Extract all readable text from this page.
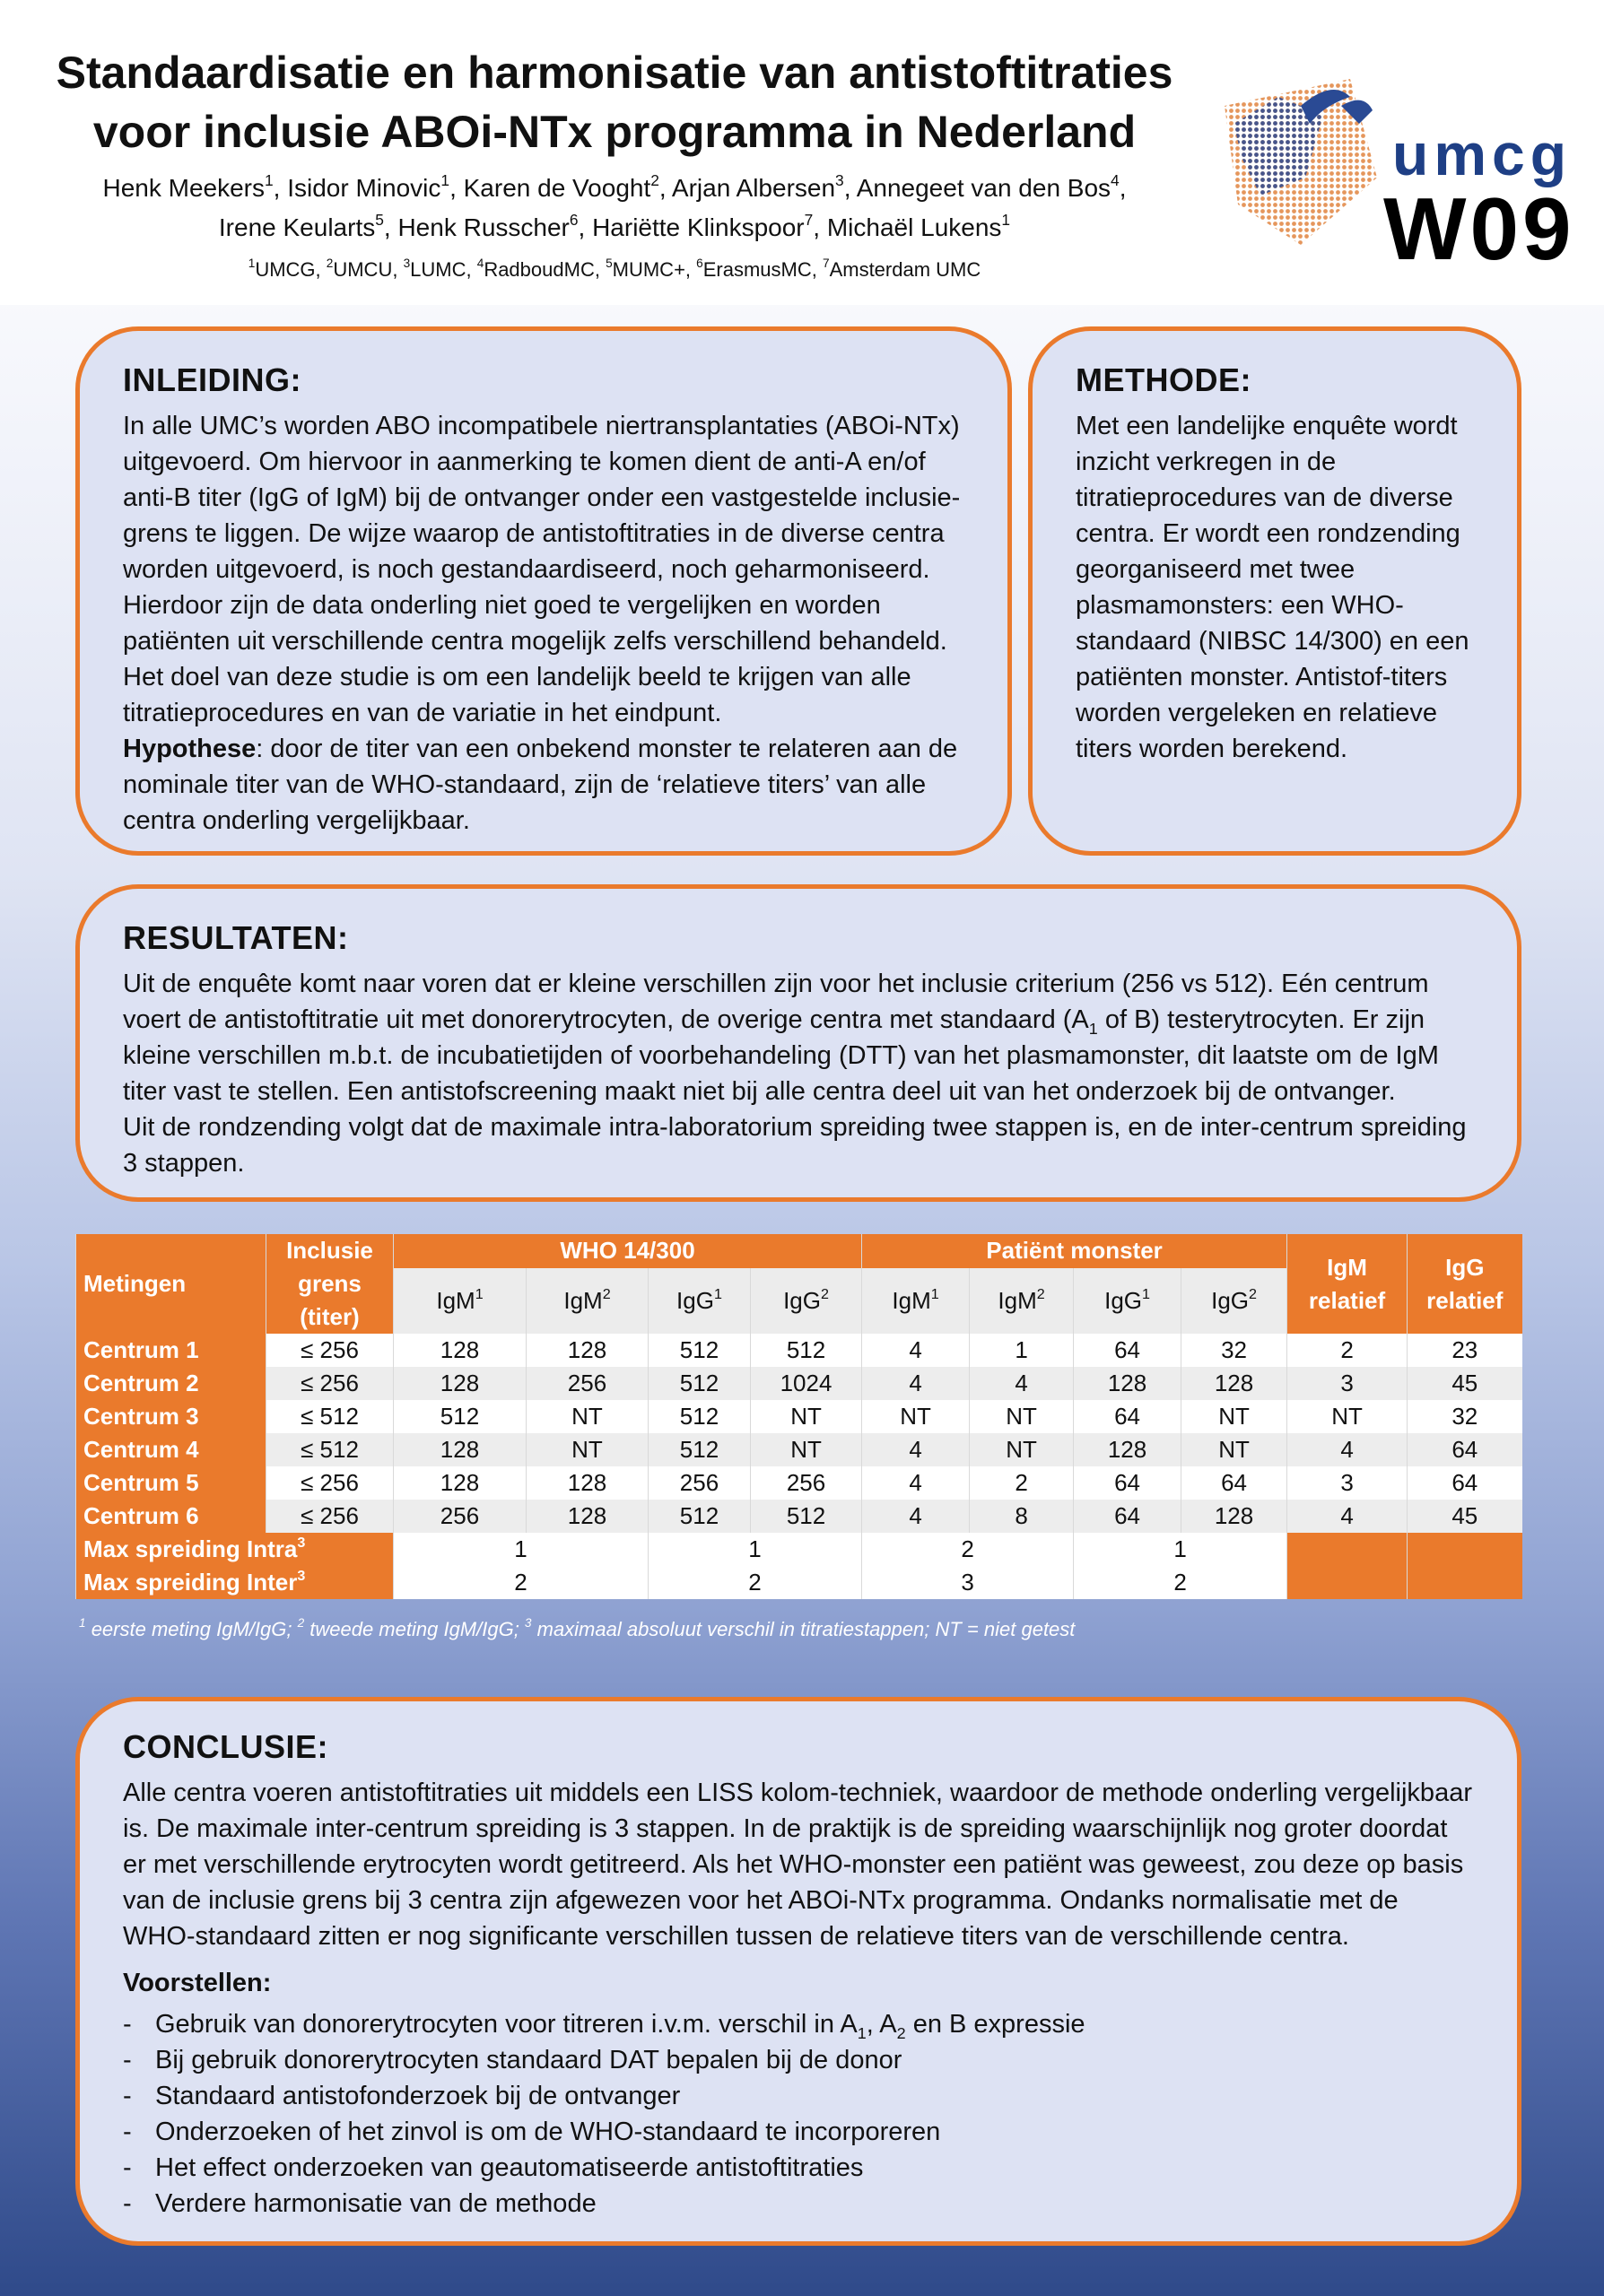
Standaardisatie en harmonisatie van antistoftitraties
voor inclusie ABOi-NTx programma in Nederland
Henk Meekers$^1$, Isidor Minovic$^1$, Karen de Vooght$^2$, Arjan Albersen$^3$, Annegeet van den Bos$^4$,
Irene Keularts$^5$, Henk Russcher$^6$, Hariëtte Klinkspoor$^7$, Michaël Lukens$^1$
$^1$UMCG, $^2$UMCU, $^3$LUMC, $^4$RadboudMC, $^5$MUMC+, $^6$ErasmusMC, $^7$Amsterdam UMC
umcg
W09
INLEIDING:

In alle UMC’s worden ABO incompatibele niertransplantaties (ABOi-NTx) uitgevoerd. Om hiervoor in aanmerking te komen dient de anti-A en/of anti-B titer (IgG of IgM) bij de ontvanger onder een vastgestelde inclusie-grens te liggen. De wijze waarop de antistoftitraties in de diverse centra worden uitgevoerd, is noch gestandaardiseerd, noch geharmoniseerd. Hierdoor zijn de data onderling niet goed te vergelijken en worden patiënten uit verschillende centra mogelijk zelfs verschillend behandeld. Het doel van deze studie is om een landelijk beeld te krijgen van alle titratieprocedures en van de variatie in het eindpunt.

Hypothese: door de titer van een onbekend monster te relateren aan de nominale titer van de WHO-standaard, zijn de ‘relatieve titers’ van alle centra onderling vergelijkbaar.

METHODE:

Met een landelijke enquête wordt inzicht verkregen in de titratieprocedures van de diverse centra. Er wordt een rondzending georganiseerd met twee plasmamonsters: een WHO-standaard (NIBSC 14/300) en een patiënten monster. Antistof-titers worden vergeleken en relatieve titers worden berekend.

RESULTATEN:

Uit de enquête komt naar voren dat er kleine verschillen zijn voor het inclusie criterium (256 vs 512). Eén centrum voert de antistoftitratie uit met donorerytrocyten, de overige centra met standaard ($A_1$ of B) testerytrocyten. Er zijn kleine verschillen m.b.t. de incubatietijden of voorbehandeling (DTT) van het plasmamonster, dit laatste om de IgM titer vast te stellen. Een antistofscreening maakt niet bij alle centra deel uit van het onderzoek bij de ontvanger.

Uit de rondzending volgt dat de maximale intra-laboratorium spreiding twee stappen is, en de inter-centrum spreiding 3 stappen.

Metingen	Inclusie grens (titer)	WHO 14/300				Patiënt monster				IgM relatief	IgG relatief
		IgM$^1$	IgM$^2$	IgG$^1$	IgG$^2$	IgM$^1$	IgM$^2$	IgG$^1$	IgG$^2$
Centrum 1	≤ 256	128	128	512	512	4	1	64	32	2	23
Centrum 2	≤ 256	128	256	512	1024	4	4	128	128	3	45
Centrum 3	≤ 512	512	NT	512	NT	NT	NT	64	NT	NT	32
Centrum 4	≤ 512	128	NT	512	NT	4	NT	128	NT	4	64
Centrum 5	≤ 256	128	128	256	256	4	2	64	64	3	64
Centrum 6	≤ 256	256	128	512	512	4	8	64	128	4	45
Max spreiding Intra$^3$		1		1		2		1			
Max spreiding Inter$^3$		2		2		3		2			
$^1$ eerste meting IgM/IgG; $^2$ tweede meting IgM/IgG; $^3$ maximaal absoluut verschil in titratiestappen; NT = niet getest
CONCLUSIE:

Alle centra voeren antistoftitraties uit middels een LISS kolom-techniek, waardoor de methode onderling vergelijkbaar is. De maximale inter-centrum spreiding is 3 stappen. In de praktijk is de spreiding waarschijnlijk nog groter doordat er met verschillende erytrocyten wordt getitreerd. Als het WHO-monster een patiënt was geweest, zou deze op basis van de inclusie grens bij 3 centra zijn afgewezen voor het ABOi-NTx programma. Ondanks normalisatie met de WHO-standaard zitten er nog significante verschillen tussen de relatieve titers van de verschillende centra.

Voorstellen:
- Gebruik van donorerytrocyten voor titreren i.v.m. verschil in $A_1$, $A_2$ en B expressie
- Bij gebruik donorerytrocyten standaard DAT bepalen bij de donor
- Standaard antistofonderzoek bij de ontvanger
- Onderzoeken of het zinvol is om de WHO-standaard te incorporeren
- Het effect onderzoeken van geautomatiseerde antistoftitraties
- Verdere harmonisatie van de methode
